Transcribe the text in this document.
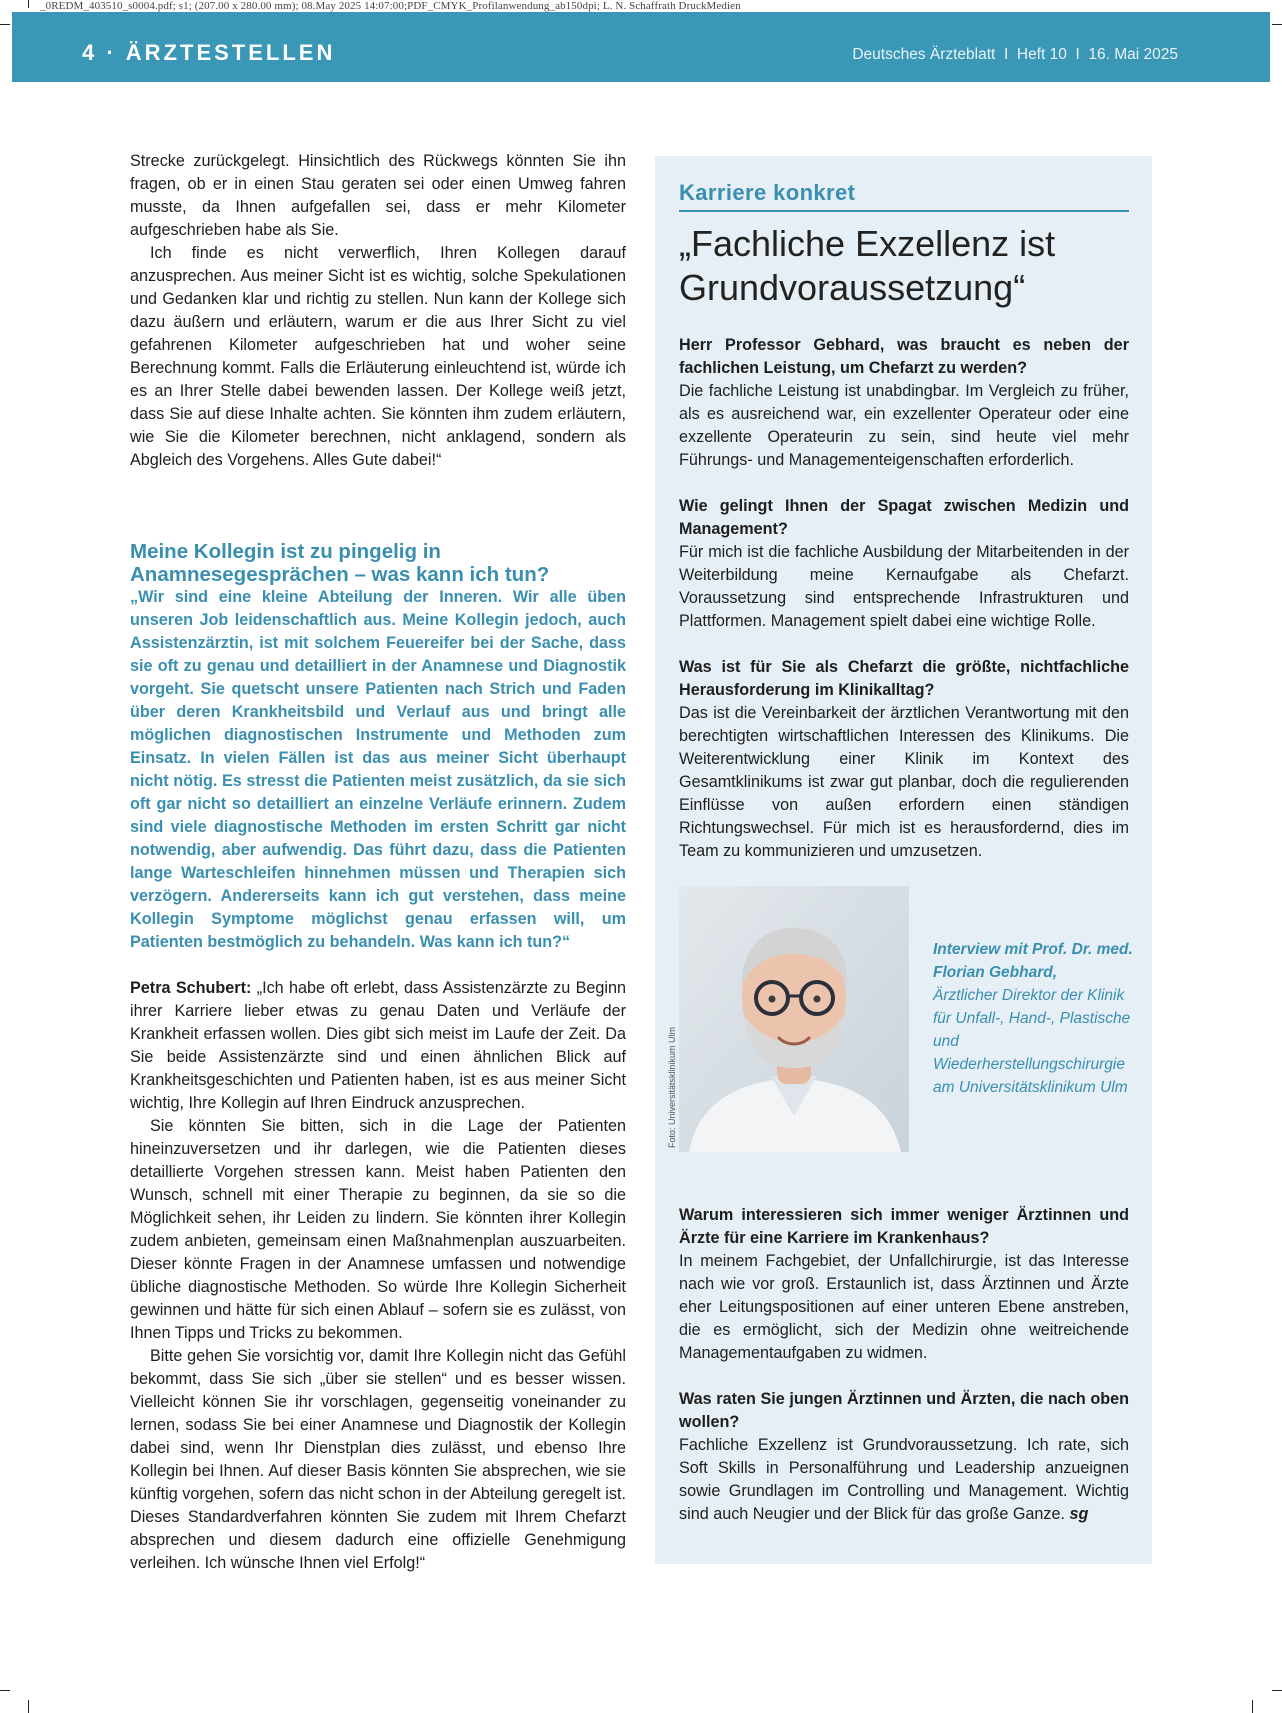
_0REDM_403510_s0004.pdf; s1; (207.00 x 280.00 mm); 08.May 2025 14:07:00;PDF_CMYK_Profilanwendung_ab150dpi; L. N. Schaffrath DruckMedien
4 · ÄRZTESTELLEN	Deutsches Ärzteblatt  I  Heft 10  I  16. Mai 2025

Strecke zurückgelegt. Hinsichtlich des Rückwegs könnten Sie ihn fragen, ob er in einen Stau geraten sei oder einen Umweg fahren musste, da Ihnen aufgefallen sei, dass er mehr Kilometer aufgeschrieben habe als Sie.

Ich finde es nicht verwerflich, Ihren Kollegen darauf anzusprechen. Aus meiner Sicht ist es wichtig, solche Spekulationen und Gedanken klar und richtig zu stellen. Nun kann der Kollege sich dazu äußern und erläutern, warum er die aus Ihrer Sicht zu viel gefahrenen Kilometer aufgeschrieben hat und woher seine Berechnung kommt. Falls die Erläuterung einleuchtend ist, würde ich es an Ihrer Stelle dabei bewenden lassen. Der Kollege weiß jetzt, dass Sie auf diese Inhalte achten. Sie könnten ihm zudem erläutern, wie Sie die Kilometer berechnen, nicht anklagend, sondern als Abgleich des Vorgehens. Alles Gute dabei!“

Meine Kollegin ist zu pingelig in Anamnesegesprächen – was kann ich tun?

„Wir sind eine kleine Abteilung der Inneren. Wir alle üben unseren Job leidenschaftlich aus. Meine Kollegin jedoch, auch Assistenzärztin, ist mit solchem Feuereifer bei der Sache, dass sie oft zu genau und detailliert in der Anamnese und Diagnostik vorgeht. Sie quetscht unsere Patienten nach Strich und Faden über deren Krankheitsbild und Verlauf aus und bringt alle möglichen diagnostischen Instrumente und Methoden zum Einsatz. In vielen Fällen ist das aus meiner Sicht überhaupt nicht nötig. Es stresst die Patienten meist zusätzlich, da sie sich oft gar nicht so detailliert an einzelne Verläufe erinnern. Zudem sind viele diagnostische Methoden im ersten Schritt gar nicht notwendig, aber aufwendig. Das führt dazu, dass die Patienten lange Warteschleifen hinnehmen müssen und Therapien sich verzögern. Andererseits kann ich gut verstehen, dass meine Kollegin Symptome möglichst genau erfassen will, um Patienten bestmöglich zu behandeln. Was kann ich tun?“

Petra Schubert: „Ich habe oft erlebt, dass Assistenzärzte zu Beginn ihrer Karriere lieber etwas zu genau Daten und Verläufe der Krankheit erfassen wollen. Dies gibt sich meist im Laufe der Zeit. Da Sie beide Assistenzärzte sind und einen ähnlichen Blick auf Krankheitsgeschichten und Patienten haben, ist es aus meiner Sicht wichtig, Ihre Kollegin auf Ihren Eindruck anzusprechen.

Sie könnten Sie bitten, sich in die Lage der Patienten hineinzuversetzen und ihr darlegen, wie die Patienten dieses detaillierte Vorgehen stressen kann. Meist haben Patienten den Wunsch, schnell mit einer Therapie zu beginnen, da sie so die Möglichkeit sehen, ihr Leiden zu lindern. Sie könnten ihrer Kollegin zudem anbieten, gemeinsam einen Maßnahmenplan auszuarbeiten. Dieser könnte Fragen in der Anamnese umfassen und notwendige übliche diagnostische Methoden. So würde Ihre Kollegin Sicherheit gewinnen und hätte für sich einen Ablauf – sofern sie es zulässt, von Ihnen Tipps und Tricks zu bekommen.

Bitte gehen Sie vorsichtig vor, damit Ihre Kollegin nicht das Gefühl bekommt, dass Sie sich „über sie stellen“ und es besser wissen. Vielleicht können Sie ihr vorschlagen, gegenseitig voneinander zu lernen, sodass Sie bei einer Anamnese und Diagnostik der Kollegin dabei sind, wenn Ihr Dienstplan dies zulässt, und ebenso Ihre Kollegin bei Ihnen. Auf dieser Basis könnten Sie absprechen, wie sie künftig vorgehen, sofern das nicht schon in der Abteilung geregelt ist. Dieses Standardverfahren könnten Sie zudem mit Ihrem Chefarzt absprechen und diesem dadurch eine offizielle Genehmigung verleihen. Ich wünsche Ihnen viel Erfolg!“

Karriere konkret
„Fachliche Exzellenz ist Grundvoraussetzung“

Herr Professor Gebhard, was braucht es neben der fachlichen Leistung, um Chefarzt zu werden?

Die fachliche Leistung ist unabdingbar. Im Vergleich zu früher, als es ausreichend war, ein exzellenter Operateur oder eine exzellente Operateurin zu sein, sind heute viel mehr Führungs- und Managementeigenschaften erforderlich.

Wie gelingt Ihnen der Spagat zwischen Medizin und Management?

Für mich ist die fachliche Ausbildung der Mitarbeitenden in der Weiterbildung meine Kernaufgabe als Chefarzt. Voraussetzung sind entsprechende Infrastrukturen und Plattformen. Management spielt dabei eine wichtige Rolle.

Was ist für Sie als Chefarzt die größte, nichtfachliche Herausforderung im Klinikalltag?

Das ist die Vereinbarkeit der ärztlichen Verantwortung mit den berechtigten wirtschaftlichen Interessen des Klinikums. Die Weiterentwicklung einer Klinik im Kontext des Gesamtklinikums ist zwar gut planbar, doch die regulierenden Einflüsse von außen erfordern einen ständigen Richtungswechsel. Für mich ist es herausfordernd, dies im Team zu kommunizieren und umzusetzen.

Foto: Universitätsklinikum Ulm
Interview mit Prof. Dr. med. Florian Gebhard,
Ärztlicher Direktor der Klinik für Unfall-, Hand-, Plastische und Wiederherstellungschirurgie am Universitätsklinikum Ulm

Warum interessieren sich immer weniger Ärztinnen und Ärzte für eine Karriere im Krankenhaus?

In meinem Fachgebiet, der Unfallchirurgie, ist das Interesse nach wie vor groß. Erstaunlich ist, dass Ärztinnen und Ärzte eher Leitungspositionen auf einer unteren Ebene anstreben, die es ermöglicht, sich der Medizin ohne weitreichende Managementaufgaben zu widmen.

Was raten Sie jungen Ärztinnen und Ärzten, die nach oben wollen?

Fachliche Exzellenz ist Grundvoraussetzung. Ich rate, sich Soft Skills in Personalführung und Leadership anzueignen sowie Grundlagen im Controlling und Management. Wichtig sind auch Neugier und der Blick für das große Ganze. sg
